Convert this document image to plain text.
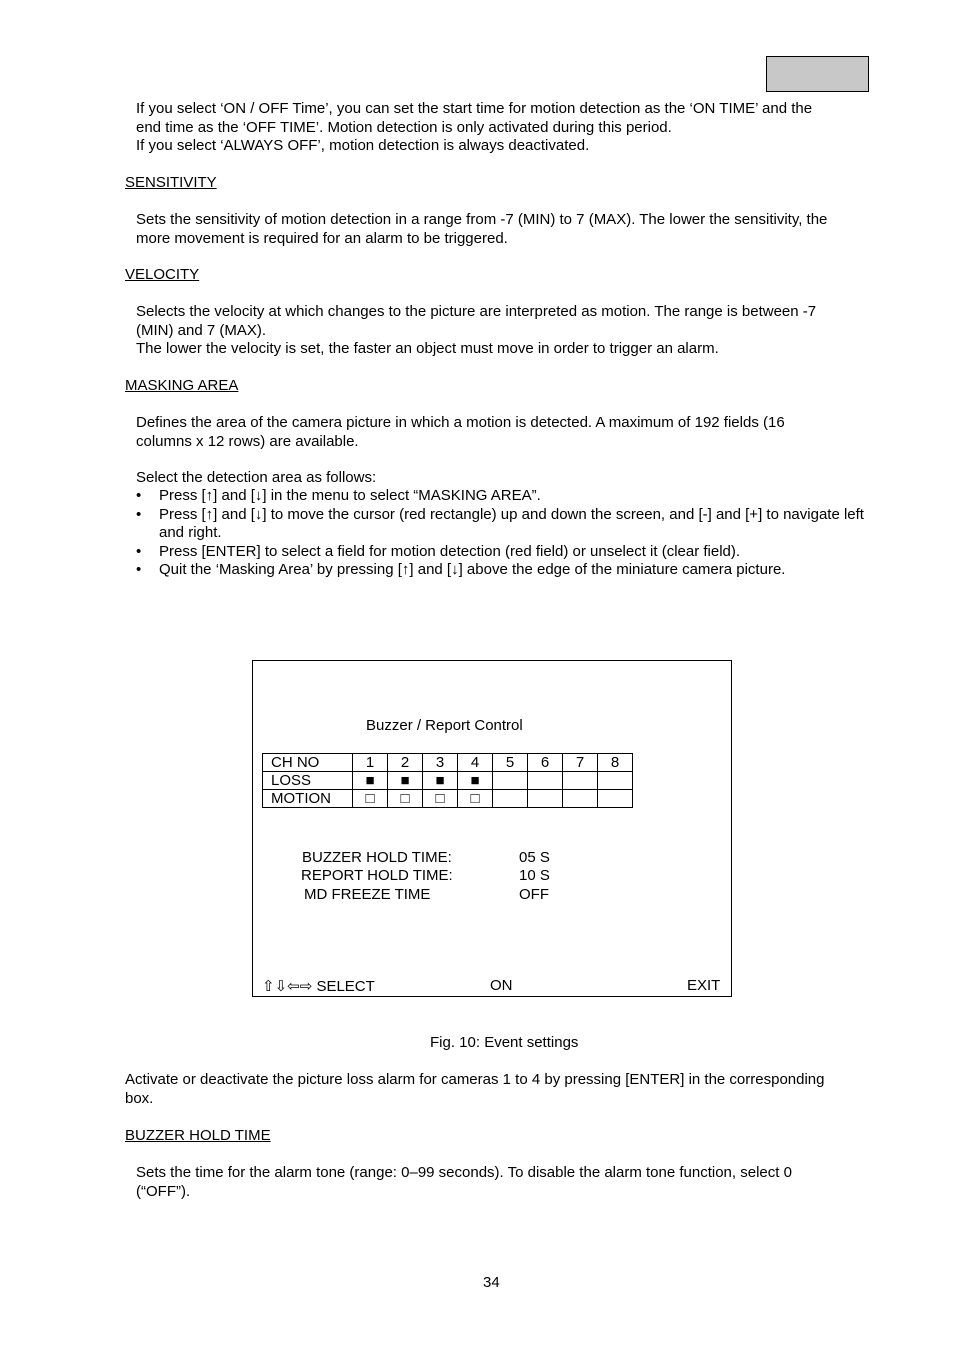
If you select ‘ON / OFF Time’, you can set the start time for motion detection as the ‘ON TIME’ and the
end time as the ‘OFF TIME’. Motion detection is only activated during this period.
If you select ‘ALWAYS OFF’, motion detection is always deactivated.

SENSITIVITY

Sets the sensitivity of motion detection in a range from -7 (MIN) to 7 (MAX). The lower the sensitivity, the
more movement is required for an alarm to be triggered.

VELOCITY

Selects the velocity at which changes to the picture are interpreted as motion. The range is between -7
(MIN) and 7 (MAX).
The lower the velocity is set, the faster an object must move in order to trigger an alarm.

MASKING AREA

Defines the area of the camera picture in which a motion is detected. A maximum of 192 fields (16
columns x 12 rows) are available.

Select the detection area as follows:

• Press [↑] and [↓] in the menu to select “MASKING AREA”.
• Press [↑] and [↓] to move the cursor (red rectangle) up and down the screen, and [-] and [+] to navigate left and right.
• Press [ENTER] to select a field for motion detection (red field) or unselect it (clear field).
• Quit the ‘Masking Area’ by pressing [↑] and [↓] above the edge of the miniature camera picture.
Buzzer / Report Control
CH NO	1	2	3	4	5	6	7	8
LOSS	■	■	■	■				
MOTION	□	□	□	□				
BUZZER HOLD TIME:	05 S
REPORT HOLD TIME:	10 S
MD FREEZE TIME	OFF
⇧⇩⇦⇨ SELECT	ON	EXIT
Fig. 10: Event settings

Activate or deactivate the picture loss alarm for cameras 1 to 4 by pressing [ENTER] in the corresponding
box.

BUZZER HOLD TIME

Sets the time for the alarm tone (range: 0–99 seconds). To disable the alarm tone function, select 0
(“OFF”).

34
